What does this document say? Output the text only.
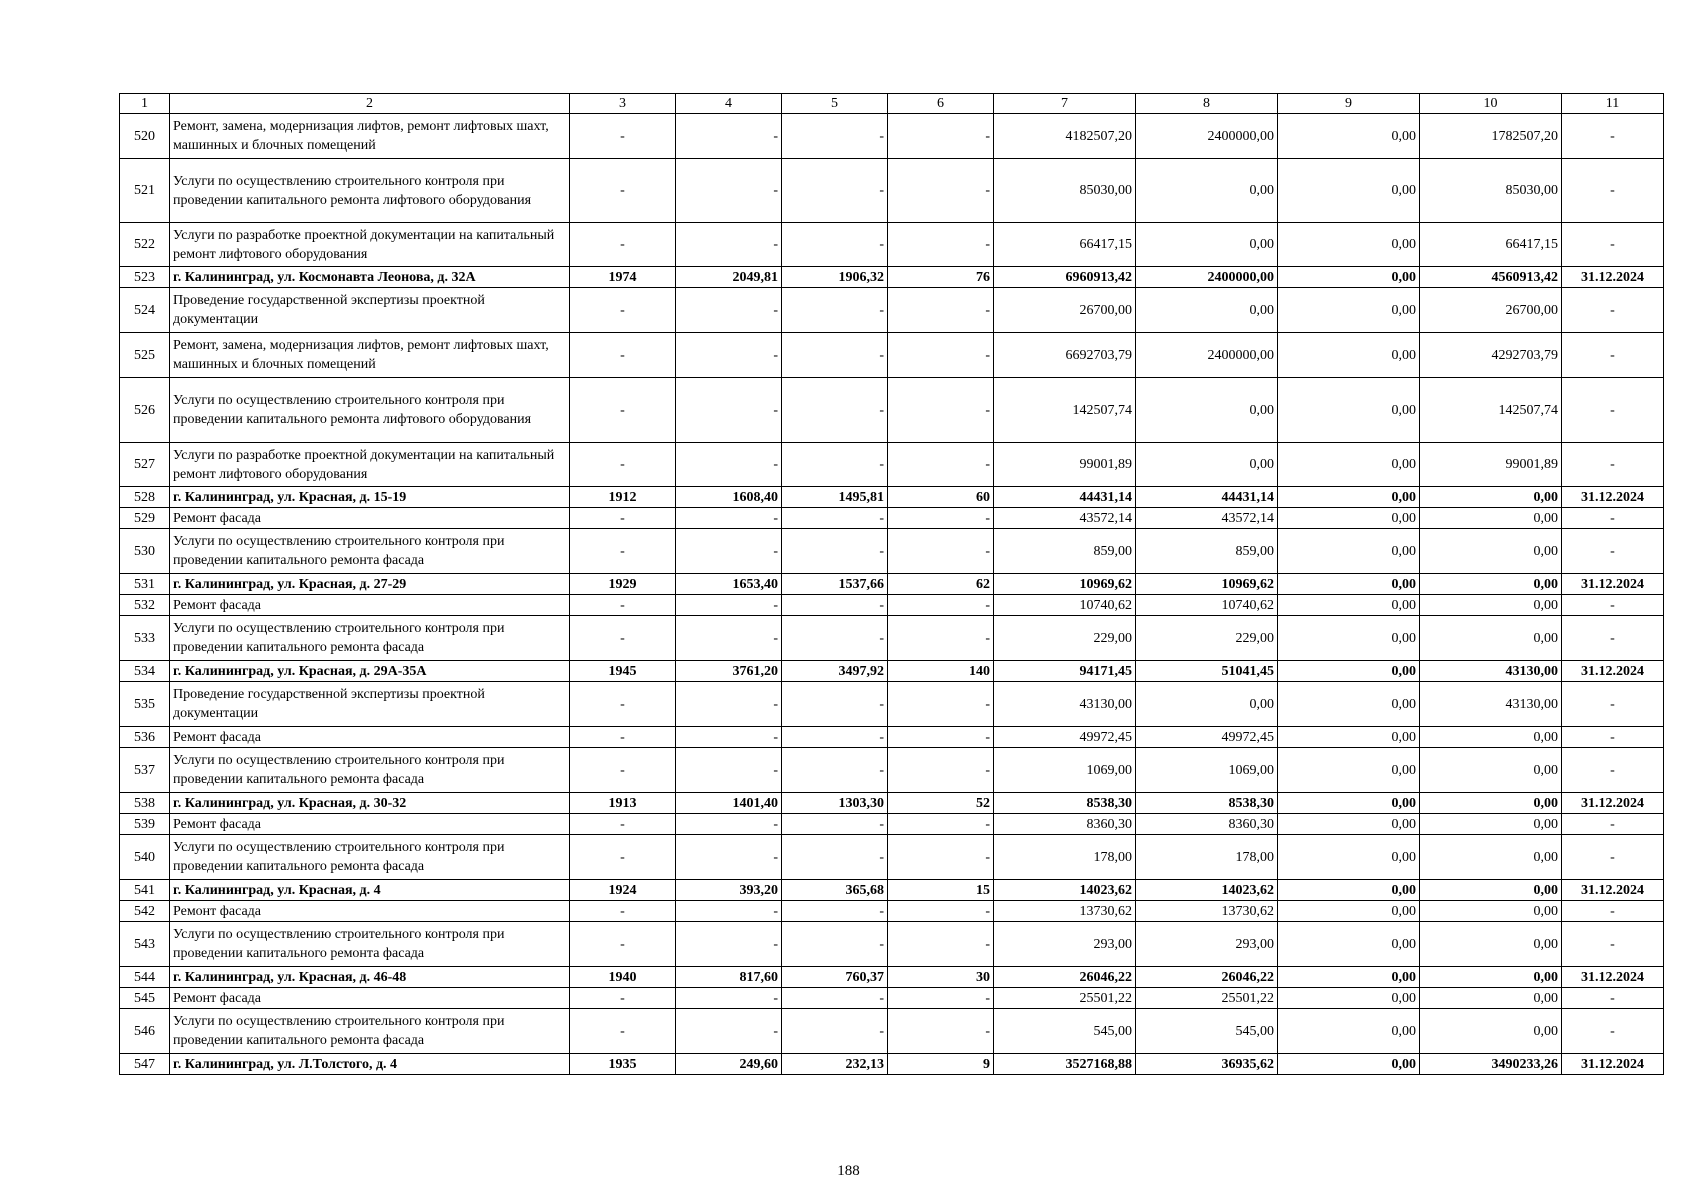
1	2	3	4	5	6	7	8	9	10	11
520	Ремонт, замена, модернизация лифтов, ремонт лифтовых шахт, машинных и блочных помещений	-	-	-	-	4182507,20	2400000,00	0,00	1782507,20	-
521	Услуги по осуществлению строительного контроля при проведении капитального ремонта лифтового оборудования	-	-	-	-	85030,00	0,00	0,00	85030,00	-
522	Услуги по разработке проектной документации на капитальный ремонт лифтового оборудования	-	-	-	-	66417,15	0,00	0,00	66417,15	-
523	г. Калининград, ул. Космонавта Леонова, д. 32А	1974	2049,81	1906,32	76	6960913,42	2400000,00	0,00	4560913,42	31.12.2024
524	Проведение государственной экспертизы проектной документации	-	-	-	-	26700,00	0,00	0,00	26700,00	-
525	Ремонт, замена, модернизация лифтов, ремонт лифтовых шахт, машинных и блочных помещений	-	-	-	-	6692703,79	2400000,00	0,00	4292703,79	-
526	Услуги по осуществлению строительного контроля при проведении капитального ремонта лифтового оборудования	-	-	-	-	142507,74	0,00	0,00	142507,74	-
527	Услуги по разработке проектной документации на капитальный ремонт лифтового оборудования	-	-	-	-	99001,89	0,00	0,00	99001,89	-
528	г. Калининград, ул. Красная, д. 15-19	1912	1608,40	1495,81	60	44431,14	44431,14	0,00	0,00	31.12.2024
529	Ремонт фасада	-	-	-	-	43572,14	43572,14	0,00	0,00	-
530	Услуги по осуществлению строительного контроля при проведении капитального ремонта фасада	-	-	-	-	859,00	859,00	0,00	0,00	-
531	г. Калининград, ул. Красная, д. 27-29	1929	1653,40	1537,66	62	10969,62	10969,62	0,00	0,00	31.12.2024
532	Ремонт фасада	-	-	-	-	10740,62	10740,62	0,00	0,00	-
533	Услуги по осуществлению строительного контроля при проведении капитального ремонта фасада	-	-	-	-	229,00	229,00	0,00	0,00	-
534	г. Калининград, ул. Красная, д. 29А-35А	1945	3761,20	3497,92	140	94171,45	51041,45	0,00	43130,00	31.12.2024
535	Проведение государственной экспертизы проектной документации	-	-	-	-	43130,00	0,00	0,00	43130,00	-
536	Ремонт фасада	-	-	-	-	49972,45	49972,45	0,00	0,00	-
537	Услуги по осуществлению строительного контроля при проведении капитального ремонта фасада	-	-	-	-	1069,00	1069,00	0,00	0,00	-
538	г. Калининград, ул. Красная, д. 30-32	1913	1401,40	1303,30	52	8538,30	8538,30	0,00	0,00	31.12.2024
539	Ремонт фасада	-	-	-	-	8360,30	8360,30	0,00	0,00	-
540	Услуги по осуществлению строительного контроля при проведении капитального ремонта фасада	-	-	-	-	178,00	178,00	0,00	0,00	-
541	г. Калининград, ул. Красная, д. 4	1924	393,20	365,68	15	14023,62	14023,62	0,00	0,00	31.12.2024
542	Ремонт фасада	-	-	-	-	13730,62	13730,62	0,00	0,00	-
543	Услуги по осуществлению строительного контроля при проведении капитального ремонта фасада	-	-	-	-	293,00	293,00	0,00	0,00	-
544	г. Калининград, ул. Красная, д. 46-48	1940	817,60	760,37	30	26046,22	26046,22	0,00	0,00	31.12.2024
545	Ремонт фасада	-	-	-	-	25501,22	25501,22	0,00	0,00	-
546	Услуги по осуществлению строительного контроля при проведении капитального ремонта фасада	-	-	-	-	545,00	545,00	0,00	0,00	-
547	г. Калининград, ул. Л.Толстого, д. 4	1935	249,60	232,13	9	3527168,88	36935,62	0,00	3490233,26	31.12.2024
188
